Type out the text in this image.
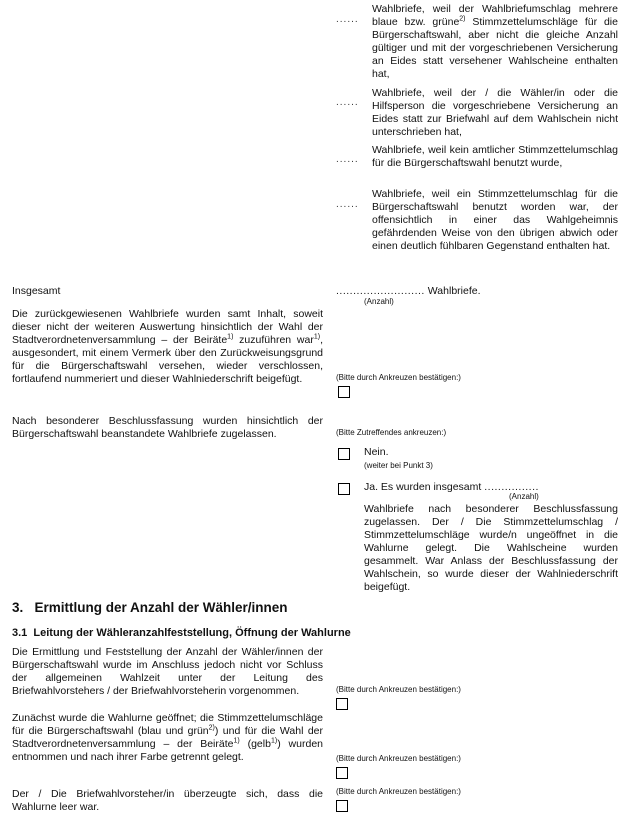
......
Wahlbriefe, weil der Wahlbriefumschlag mehrere blaue bzw. grüne$^{2)}$ Stimmzettelumschläge für die Bürgerschaftswahl, aber nicht die gleiche Anzahl gültiger und mit der vorgeschriebenen Versicherung an Eides statt versehener Wahlscheine enthalten hat,
......
Wahlbriefe, weil der / die Wähler/in oder die Hilfsperson die vorgeschriebene Versicherung an Eides statt zur Briefwahl auf dem Wahlschein nicht unterschrieben hat,
......
Wahlbriefe, weil kein amtlicher Stimmzettelumschlag für die Bürgerschaftswahl benutzt wurde,
......
Wahlbriefe, weil ein Stimmzettelumschlag für die Bürgerschaftswahl benutzt worden war, der offensichtlich in einer das Wahlgeheimnis gefährdenden Weise von den übrigen abwich oder einen deutlich fühlbaren Gegenstand enthalten hat.
Insgesamt	.......................... Wahlbriefe.
(Anzahl)
Die zurückgewiesenen Wahlbriefe wurden samt Inhalt, soweit dieser nicht der weiteren Auswertung hinsichtlich der Wahl der Stadtverordnetenversammlung – der Beiräte$^{1)}$ zuzuführen war$^{1)}$, ausgesondert, mit einem Vermerk über den Zurückweisungsgrund für die Bürgerschaftswahl versehen, wieder verschlossen, fortlaufend nummeriert und dieser Wahlniederschrift beigefügt.	(Bitte durch Ankreuzen bestätigen:)
Nach besonderer Beschlussfassung wurden hinsichtlich der Bürgerschaftswahl beanstandete Wahlbriefe zugelassen.	(Bitte Zutreffendes ankreuzen:)
Nein.
(weiter bei Punkt 3)
Ja. Es wurden insgesamt ................
(Anzahl)
Wahlbriefe nach besonderer Beschlussfassung zugelassen. Der / Die Stimmzettelumschlag / Stimmzettelumschläge wurde/n ungeöffnet in die Wahlurne gelegt. Die Wahlscheine wurden gesammelt. War Anlass der Beschlussfassung der Wahlschein, so wurde dieser der Wahlniederschrift beigefügt.
3.   Ermittlung der Anzahl der Wähler/innen
3.1  Leitung der Wähleranzahlfeststellung, Öffnung der Wahlurne
Die Ermittlung und Feststellung der Anzahl der Wähler/innen der Bürgerschaftswahl wurde im Anschluss jedoch nicht vor Schluss der allgemeinen Wahlzeit unter der Leitung des Briefwahlvorstehers / der Briefwahlvorsteherin vorgenommen.	(Bitte durch Ankreuzen bestätigen:)
Zunächst wurde die Wahlurne geöffnet; die Stimmzettelumschläge für die Bürgerschaftswahl (blau und grün$^{2)}$) und für die Wahl der Stadtverordnetenversammlung – der Beiräte$^{1)}$ (gelb$^{1)}$) wurden entnommen und nach ihrer Farbe getrennt gelegt.	(Bitte durch Ankreuzen bestätigen:)
Der / Die Briefwahlvorsteher/in überzeugte sich, dass die Wahlurne leer war.
(Bitte durch Ankreuzen bestätigen:)
